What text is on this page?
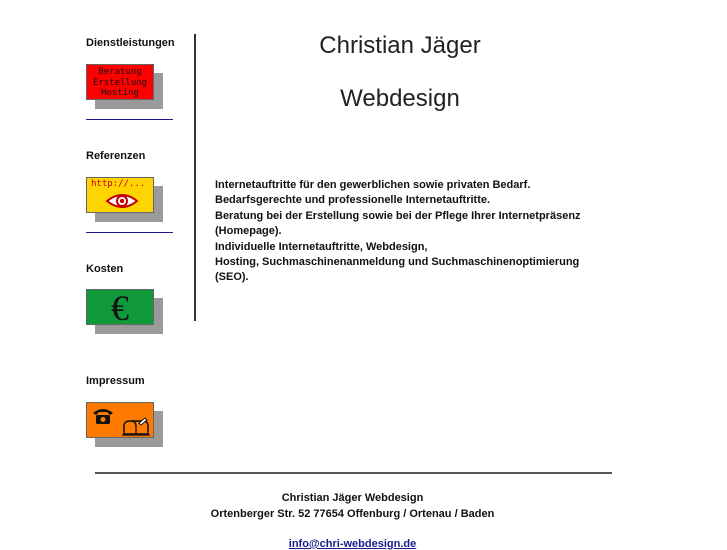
Dienstleistungen
Beratung
Erstellung
Hosting
Referenzen
http://...
Kosten
€
Impressum
Christian Jäger
Webdesign
Internetauftritte für den gewerblichen sowie privaten Bedarf.
Bedarfsgerechte und professionelle Internetauftritte.
Beratung bei der Erstellung sowie bei der Pflege Ihrer Internetpräsenz
(Homepage).
Individuelle Internetauftritte, Webdesign,
Hosting, Suchmaschinenanmeldung und Suchmaschinenoptimierung
(SEO).
Christian Jäger Webdesign
Ortenberger Str. 52 77654 Offenburg / Ortenau / Baden
info@chri-webdesign.de
